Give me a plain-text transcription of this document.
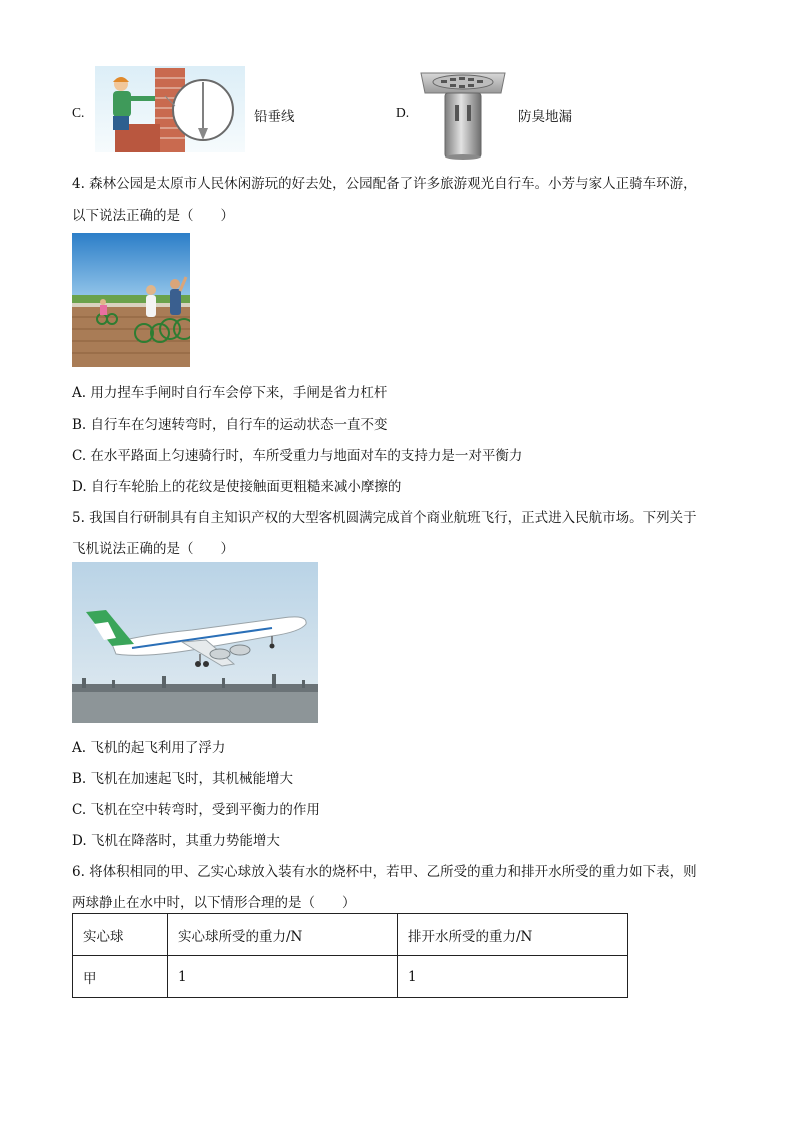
C.	铅垂线	D.	防臭地漏
4. 森林公园是太原市人民休闲游玩的好去处，公园配备了许多旅游观光自行车。小芳与家人正骑车环游，
以下说法正确的是（　　）
A. 用力捏车手闸时自行车会停下来，手闸是省力杠杆
B. 自行车在匀速转弯时，自行车的运动状态一直不变
C. 在水平路面上匀速骑行时，车所受重力与地面对车的支持力是一对平衡力
D. 自行车轮胎上的花纹是使接触面更粗糙来减小摩擦的
5. 我国自行研制具有自主知识产权的大型客机圆满完成首个商业航班飞行，正式进入民航市场。下列关于
飞机说法正确的是（　　）
A. 飞机的起飞利用了浮力
B. 飞机在加速起飞时，其机械能增大
C. 飞机在空中转弯时，受到平衡力的作用
D. 飞机在降落时，其重力势能增大
6. 将体积相同的甲、乙实心球放入装有水的烧杯中，若甲、乙所受的重力和排开水所受的重力如下表，则
两球静止在水中时，以下情形合理的是（　　）
实心球	实心球所受的重力/N	排开水所受的重力/N
甲	1	1
